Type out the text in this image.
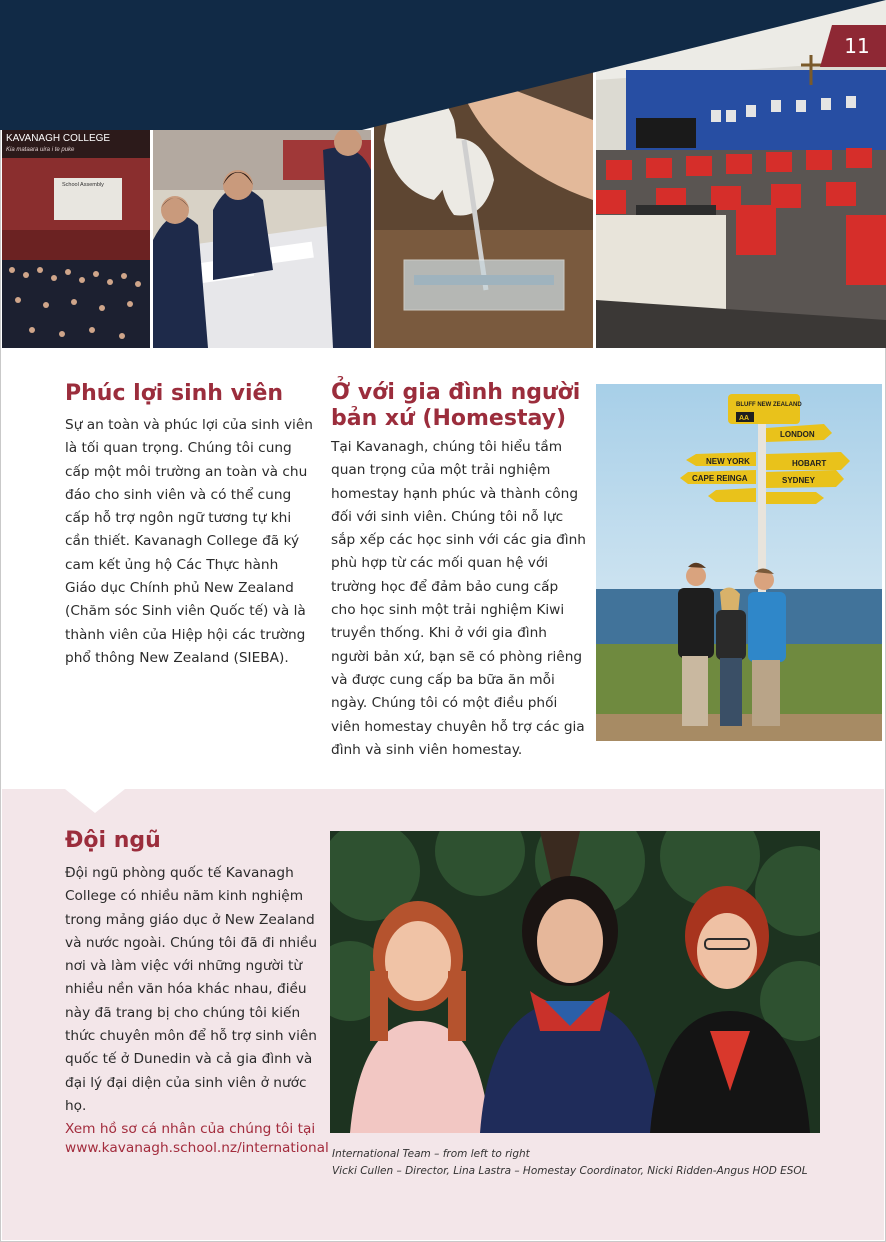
KAVANAGH COLLEGE
Kia mataara uira i te puke
School Assembly
11
Phúc lợi sinh viên

Sự an toàn và phúc lợi của sinh viên là tối quan trọng. Chúng tôi cung cấp một môi trường an toàn và chu đáo cho sinh viên và có thể cung cấp hỗ trợ ngôn ngữ tương tự khi cần thiết. Kavanagh College đã ký cam kết ủng hộ Các Thực hành Giáo dục Chính phủ New Zealand (Chăm sóc Sinh viên Quốc tế) và là thành viên của Hiệp hội các trường phổ thông New Zealand (SIEBA).

Ở với gia đình người bản xứ (Homestay)

Tại Kavanagh, chúng tôi hiểu tầm quan trọng của một trải nghiệm homestay hạnh phúc và thành công đối với sinh viên. Chúng tôi nỗ lực sắp xếp các học sinh với các gia đình phù hợp từ các mối quan hệ với trường học để đảm bảo cung cấp cho học sinh một trải nghiệm Kiwi truyền thống. Khi ở với gia đình người bản xứ, bạn sẽ có phòng riêng và được cung cấp ba bữa ăn mỗi ngày. Chúng tôi có một điều phối viên homestay chuyên hỗ trợ các gia đình và sinh viên homestay.

BLUFF NEW ZEALAND
AA
LONDON
NEW YORK	HOBART
CAPE REINGA	SYDNEY
Đội ngũ

Đội ngũ phòng quốc tế Kavanagh College có nhiều năm kinh nghiệm trong mảng giáo dục ở New Zealand và nước ngoài. Chúng tôi đã đi nhiều nơi và làm việc với những người từ nhiều nền văn hóa khác nhau, điều này đã trang bị cho chúng tôi kiến thức chuyên môn để hỗ trợ sinh viên quốc tế ở Dunedin và cả gia đình và đại lý đại diện của sinh viên ở nước họ.

Xem hồ sơ cá nhân của chúng tôi tại
www.kavanagh.school.nz/international International Team – from left to right
Vicki Cullen – Director, Lina Lastra – Homestay Coordinator, Nicki Ridden-Angus HOD ESOL
